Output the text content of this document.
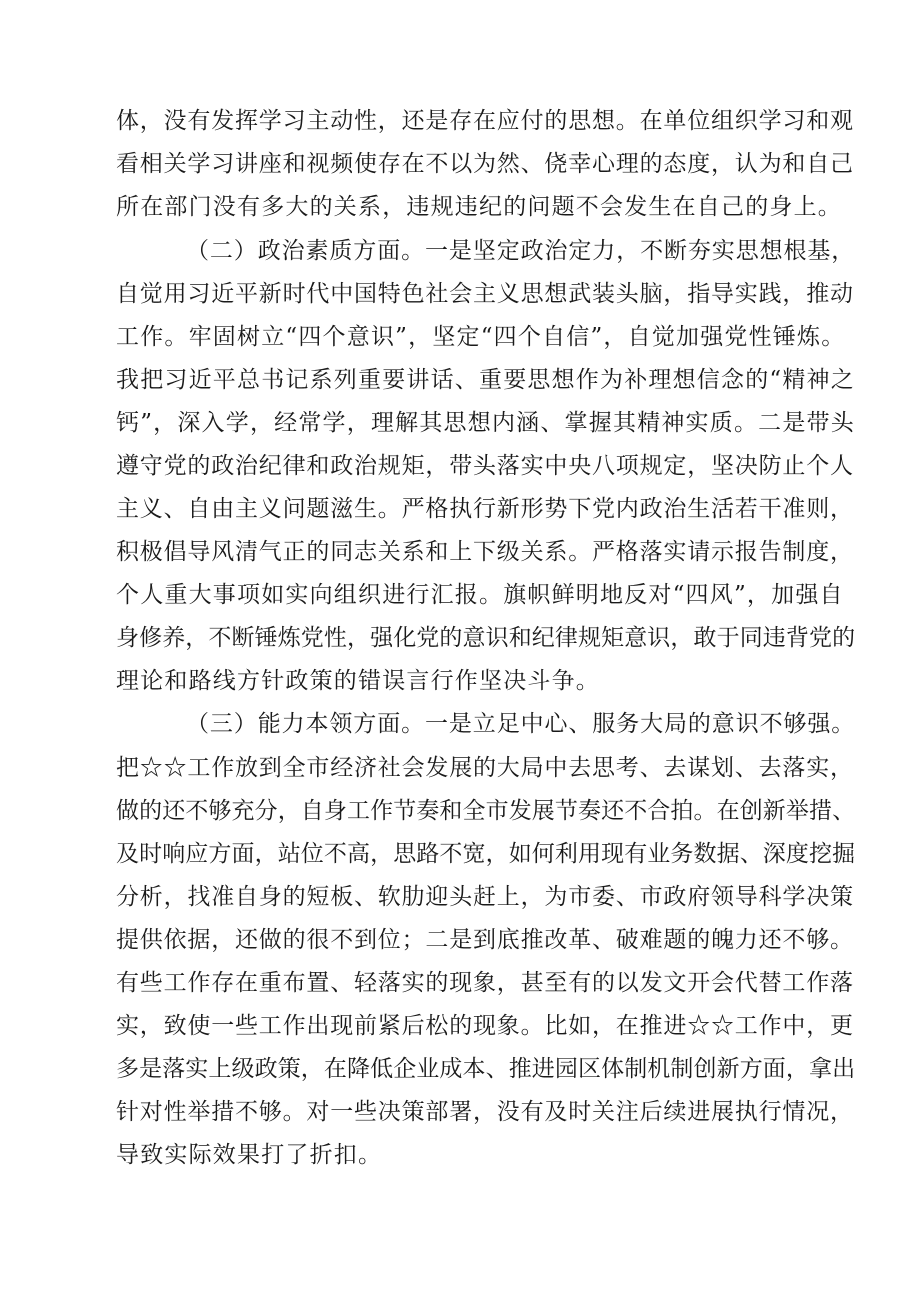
体，没有发挥学习主动性，还是存在应付的思想。在单位组织学习和观
看相关学习讲座和视频使存在不以为然、侥幸心理的态度，认为和自己
所在部门没有多大的关系，违规违纪的问题不会发生在自己的身上。
（二）政治素质方面。一是坚定政治定力，不断夯实思想根基，
自觉用习近平新时代中国特色社会主义思想武装头脑，指导实践，推动
工作。牢固树立“四个意识”，坚定“四个自信”，自觉加强党性锤炼。
我把习近平总书记系列重要讲话、重要思想作为补理想信念的“精神之
钙”，深入学，经常学，理解其思想内涵、掌握其精神实质。二是带头
遵守党的政治纪律和政治规矩，带头落实中央八项规定，坚决防止个人
主义、自由主义问题滋生。严格执行新形势下党内政治生活若干准则，
积极倡导风清气正的同志关系和上下级关系。严格落实请示报告制度，
个人重大事项如实向组织进行汇报。旗帜鲜明地反对“四风”，加强自
身修养，不断锤炼党性，强化党的意识和纪律规矩意识，敢于同违背党的
理论和路线方针政策的错误言行作坚决斗争。
（三）能力本领方面。一是立足中心、服务大局的意识不够强。
把☆☆工作放到全市经济社会发展的大局中去思考、去谋划、去落实，
做的还不够充分，自身工作节奏和全市发展节奏还不合拍。在创新举措、
及时响应方面，站位不高，思路不宽，如何利用现有业务数据、深度挖掘
分析，找准自身的短板、软肋迎头赶上，为市委、市政府领导科学决策
提供依据，还做的很不到位；二是到底推改革、破难题的魄力还不够。
有些工作存在重布置、轻落实的现象，甚至有的以发文开会代替工作落
实，致使一些工作出现前紧后松的现象。比如，在推进☆☆工作中，更
多是落实上级政策，在降低企业成本、推进园区体制机制创新方面，拿出
针对性举措不够。对一些决策部署，没有及时关注后续进展执行情况，
导致实际效果打了折扣。
